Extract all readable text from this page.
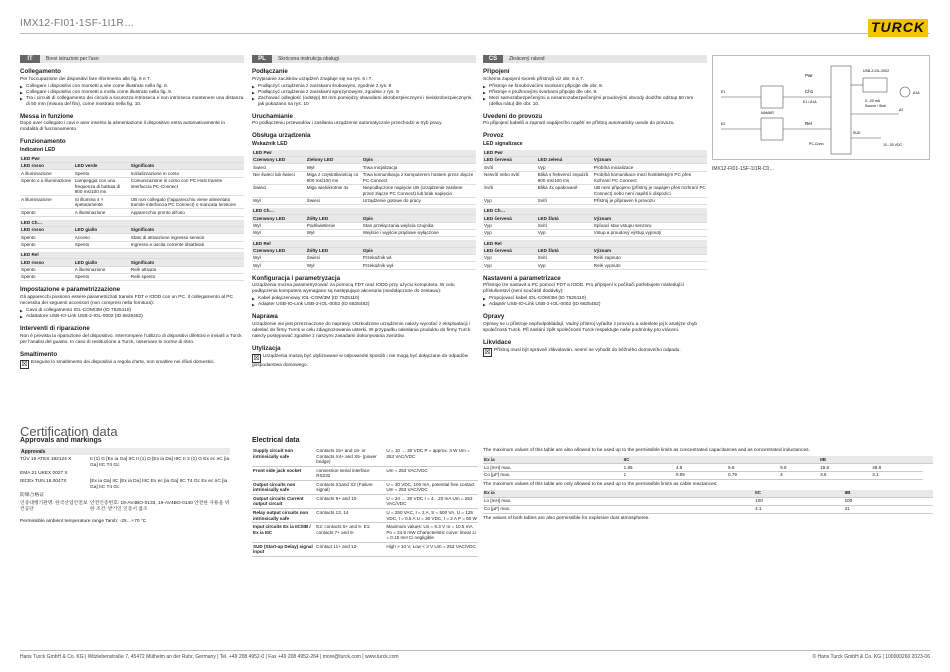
IMX12-FI01-1SF-1I1R…	TURCK
IT	Brevi istruzioni per l'uso
Collegamento

Per l'occupazione dei dispositivi fare riferimento alle fig. 6 e 7.

▶ Collegare i dispositivi con morsetti a vite come illustrato nella fig. 8.
▶ Collegare i dispositivi con morsetti a molla come illustrato nella fig. 9.
▶ Tra i circuiti di collegamento dei circuiti a sicurezza intrinseca e non intrinseca mantenere una distanza di 50 mm (misura del filo), come mostrato nella fig. 10.
Messa in funzione

Dopo aver collegato i cavi e aver inserito la alimentazione il dispositivo entra automaticamente in modalità di funzionamento.

Funzionamento
Indicatori LED
LED Pwr		
LED rosso	LED verde	Significato
A illuminazione	Spento	Inizializzazione in corso
Spento o a illuminazione	Lampeggia con una frequenza di battuta di 900 ms/100 ms	Comunicazione in corso con PC Host tramite interfaccia PC-Connect
A illuminazione	Si illumina 4 × ripetutamente	UB non collegato (l'apparecchio viene alimentato tramite interfaccia PC Connect) o mancata tensione
Spento	A illuminazione	Apparecchio pronto all'uso
LED Ch…		
LED rosso	LED giallo	Significato
Spento	Acceso	Stato di attivazione ingresso sensori
Spento	Spento	Ingresso e uscita corrente disattivati
LED Rel		
LED rosso	LED giallo	Significato
Spento	A illuminazione	Relè attivato
Spento	Spento	Relè spento
Impostazione e parametrizzazione

Gli apparecchi possono essere parametrizzati tramite FDT e IODD con un PC. Il collegamento al PC necessita dei seguenti accessori (non compresi nella fornitura):

▶ Cavo di collegamento IOL-COM/3M (ID 7525110)
▶ Adattatore USB-IO-Link USB-2-IOL-0002 (ID 6825482)
Interventi di riparazione

Non è prevista la riparazione del dispositivo. Interrompere l'utilizzo di dispositivi difettosi e inviarli a Turck per l'analisi del guasto. In caso di restituzione a Turck, osservare le norme di ritiro.

Smaltimento

☒ Eseguire lo smaltimento dei dispositivi a regola d'arte, non smaltire nei rifiuti domestici.

PL	Skrócona instrukcja obsługi
Podłączanie

Przypisanie zacisków urządzeń znajduje się na rys. 6 i 7.

▶ Podłączyć urządzenia z zaciskami śrubowymi, zgodnie z rys. 8
▶ Podłączyć urządzenia z zaciskami sprężynowymi, zgodnie z rys. 9
▶ Zachować odległość (odstęp) 50 mm pomiędzy obwodami iskrobezpiecznymi i nieiskrobezpiecznymi, jak pokazano na rys. 10
Uruchamianie

Po podłączeniu przewodów i zasilania urządzenie automatycznie przechodzi w tryb pracy.

Obsługa urządzenia
Wskaźnik LED
LED Pwr		
Czerwony LED	Zielony LED	Opis
Świeci	Wył	Trwa inicjalizacja
Nie świeci lub świeci	Miga z częstotliwością co 900 ms/100 ms	Trwa komunikacja z komputerem hostem przez złącze PC Connect
Świeci	Miga wielokrotnie 4x	Niepodłączone napięcie UB (urządzenie zasilane przez złącze PC Connect) lub brak napięcia
Wył	Świeci	Urządzenie gotowe do pracy
LED Ch…		
Czerwony LED	Żółty LED	Opis
Wył	Podświetlenie	Stan przełączania wejścia czujnika
Wył	Wył	Wejście i wyjście prądowe wyłączone
LED Rel		
Czerwony LED	Żółty LED	Opis
Wył	Świeci	Przekaźnik wł.
Wył	Wył	Przekaźnik wył.
Konfiguracja i parametryzacja

Urządzenia można parametryzować za pomocą FDT oraz IODD przy użyciu komputera. W celu podłączenia komputera wymagane są następujące akcesoria (niedołączone do zestawu):

▶ Kabel połączeniowy IOL-COM/3M (ID 7525110)
▶ Adapter USB-IO-Link USB-2-IOL-0002 (ID 6825482)
Naprawa

Urządzenie nie jest przeznaczone do naprawy. Uszkodzone urządzenie należy wycofać z eksploatacji i odesłać do firmy Turck w celu zdiagnozowania usterki. W przypadku odesłania produktu do firmy Turck należy postępować zgodnie z naszymi zasadami dokonywania zwrotów.

Utylizacja

☒ Urządzenia muszą być utylizowane w odpowiedni sposób i nie mogą być dołączane do odpadów gospodarstwa domowego.

CS	Zkrácený návod
Připojení

Schéma zapojení svorek přístrojů viz obr. 6 a 7.

▶ Přístroje se šroubovacími svorkami připojte dle obr. 8.
▶ Přístroje s pružinovými svorkami připojte dle obr. 9.
▶ Mezi samozabezpečenými a nesamozabezpečenými proudovými obvody dodržte odstup 50 mm (délka nátu) dle obr. 10.
Uvedení do provozu

Po připojení kabelů a zapnutí napájecího napětí se přístroj automaticky uvede do provozu.

Provoz
LED signalizace
LED Pwr		
LED červená	LED zelená	Význam
Svítí	Vyp	Probíhá inicializace
Nesvítí nebo svítí	Bliká s frekvencí impulzů 900 ms/100 ms	Probíhá komunikace mezi hostitelským PC přes rozhraní PC Connect
Svítí	Bliká 4x opakovaně	UB není připojeno (přístroj je napájen přes rozhraní PC Connect) nebo není napětí k dispozici
Vyp	Svítí	Přístroj je připraven k provozu
LED Ch…		
LED červená	LED žlutá	Význam
Vyp	Svítí	Spínací stav vstupu senzoru
Vyp	Vyp	Vstup a proudový výstup vypnutý
LED Rel		
LED červená	LED žlutá	Význam
Vyp	Svítí	Relé zapnuto
Vyp	Vyp	Relé vypnuto
Nastavení a parametrizace

Přístroje lze nastavit a PC pomocí FDT a IODD. Pro připojení k počítači potřebujete následující příslušenství (není součástí dodávky):

▶ Propojovací kabel IOL-COM/3M (ID 7525110)
▶ Adaptér USB-IO-Link USB-2-IOL-0002 (ID 6825482)
Opravy

Opravy se u přístroje nepředpokládají. Vadný přístroj vyřaďte z provozu a odeslete jej k analýze chyb společnosti Turck. Při zaslání zpět společnosti Turck respektujte naše podmínky pro vrácení.

Likvidace

☒ Přístroj musí být správně zlikvidován, nesmí se vyhodit do běžného domovního odpadu.

Pwr
Ch1
Rel
NAMUR
E1 / A1A
E1
E2
A1A
A2
SUD
0...20 mA
Source / Sink
10...30 VDC
PC-Conn.
USB-2-IOL-0002
IMX12-FI01-1SF-1I1R-C0…
Certification data
Approvals and markings
Approvals
TÜV 16 ATEX 192124 X	II (1) G [Ex ia Ga] IIC II (1) D [Ex ia Da] IIIC II 3 (1) G Ex ec nC [ia Ga] IIC T4 Gc
EMA 21 UKEX 0027 X
IECEx TUN 16.0047X	[Ex ia Ga] IIC [Ex ia Da] IIIC Ex ec [ia Ga] IIC T4 Gc Ex ec nC [ia Ga] IIC T4 Gc
防爆合格证
인증대행기관명: 한국산업안전보건공단
안전인증번호: 19-AV4BO-0133, 19-AV4BO-0140 안전한 사용을 위한 조건: 받기인 인증서 참조
Permissible ambient temperature range Tamb: -25…+70 °C
Electrical data
Supply circuit non intrinsically safe	Contacts 15+ and 16- or Contacts X4+ and X5- (power bridge)	U = 10 … 30 VDC P = approx. 3 W Um = 253 VAC/VDC
Front side jack socket	connection serial interface RS232	Um = 253 VAC/VDC
Output circuits non intrinsically safe	Contacts X1and X2 (Failure signal)	U = 30 VDC, 100 mA, potential free contact Um = 253 VAC/VDC
Output circuits Current output circuit	Contacts 9+ and 10-	U = 24 … 30 VDC I = 4…20 mA Um = 253 VAC/VDC
Relay output circuits non intrinsically safe	Contacts 13, 14	U = 250 VAC, I = 2 A, S = 500 VA, U = 125 VDC, I = 0.5 A U = 30 VDC, I = 2 A P = 60 W
Input circuits Ex ia IIC/IIB / Ex ia IIIC	E2: contacts 5+ and 6- E1: contacts 7+ and 8-	Maximum values: Uo = 9.3 V Io = 10.5 mA Po = 24.5 mW Characteristic curve: linear Li = 0.15 mH Ci negligible
SUD (Start-up Delay) signal input	Contact 11+ and 12-	High > 10 V, Low < 3 V Um = 253 VAC/VDC

The maximum values of this table are also allowed to be used up to the permissible limits as concentrated capacitances and as concentrated inductances.

Ex ia	IIC				IIB		
Lo [mH] max.	1.85	4.8	9.8	9.8	19.8	48.8	
Co [µF] max.	1	0.89	0.79	4	3.6	3.1	

The maximum values of this table are only allowed to be used up to the permissible limits as cable reactances:

Ex ia	IIC	IIB
Lo [mH] max.	100	100
Co [µF] max.	4.1	31

The values of both tables are also permissible for explosive dust atmospheres.

Hans Turck GmbH & Co. KG | Witzlebenstraße 7, 45472 Mülheim an der Ruhr, Germany | Tel. +49 208 4952-0 | Fax +49 208 4952-264 | more@turck.com | www.turck.com	© Hans Turck GmbH & Co. KG | 100000260 2023-06
